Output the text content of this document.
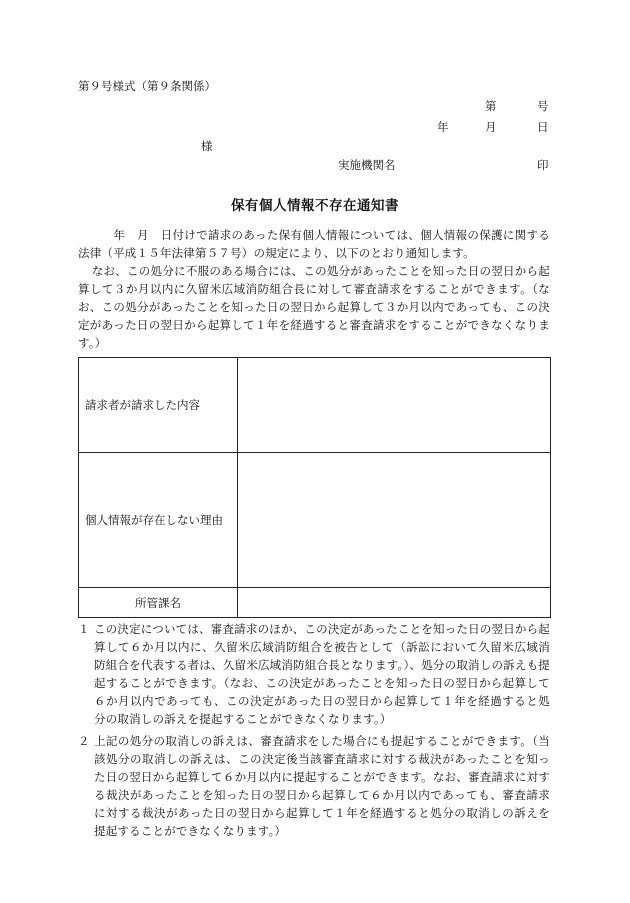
第９号様式（第９条関係）
第	号
年	月	日
様
実施機関名	印
保有個人情報不存在通知書
　　　年　月　日付けで請求のあった保有個人情報については、個人情報の保護に関する法律（平成１５年法律第５７号）の規定により、以下のとおり通知します。
なお、この処分に不服のある場合には、この処分があったことを知った日の翌日から起算して３か月以内に久留米広域消防組合長に対して審査請求をすることができます。（なお、この処分があったことを知った日の翌日から起算して３か月以内であっても、この決定があった日の翌日から起算して１年を経過すると審査請求をすることができなくなります。）
請求者が請求した内容	
個人情報が存在しない理由	
所管課名	
１ この決定については、審査請求のほか、この決定があったことを知った日の翌日から起算して６か月以内に、久留米広域消防組合を被告として（訴訟において久留米広域消防組合を代表する者は、久留米広域消防組合長となります。）、処分の取消しの訴えも提起することができます。（なお、この決定があったことを知った日の翌日から起算して６か月以内であっても、この決定があった日の翌日から起算して１年を経過すると処分の取消しの訴えを提起することができなくなります。）
２ 上記の処分の取消しの訴えは、審査請求をした場合にも提起することができます。（当該処分の取消しの訴えは、この決定後当該審査請求に対する裁決があったことを知った日の翌日から起算して６か月以内に提起することができます。なお、審査請求に対する裁決があったことを知った日の翌日から起算して６か月以内であっても、審査請求に対する裁決があった日の翌日から起算して１年を経過すると処分の取消しの訴えを提起することができなくなります。）
